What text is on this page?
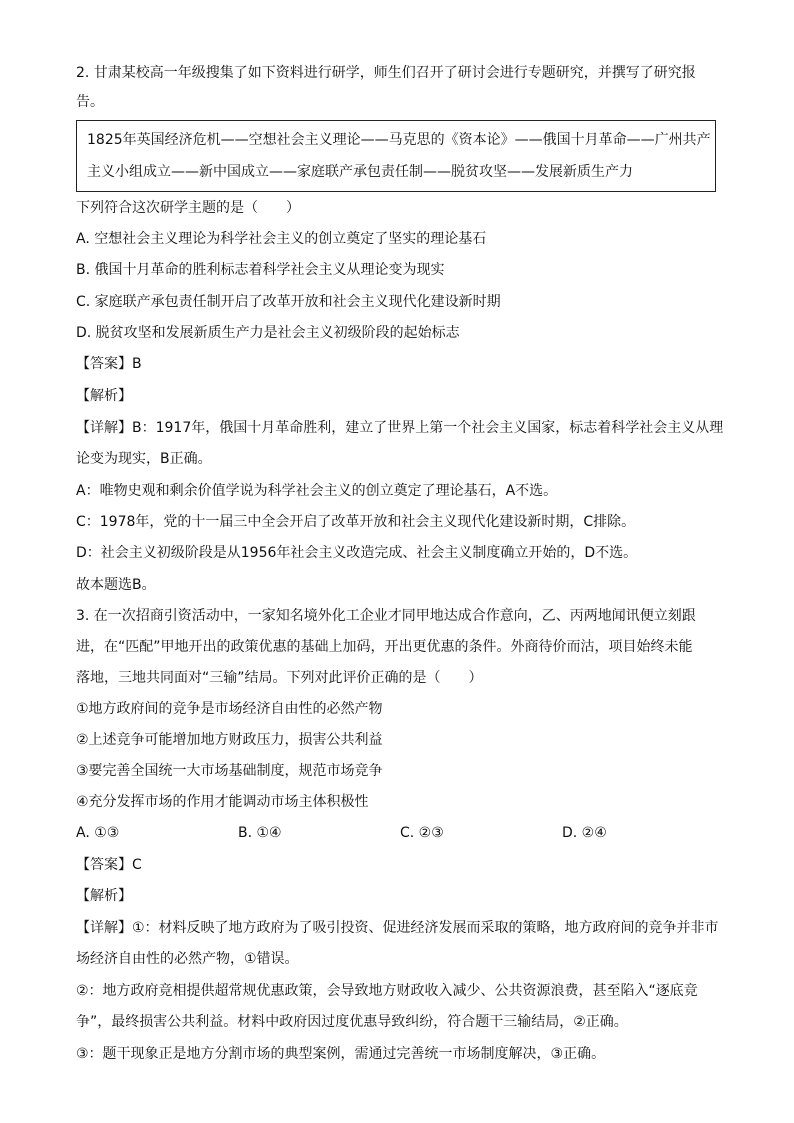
2. 甘肃某校高一年级搜集了如下资料进行研学，师生们召开了研讨会进行专题研究，并撰写了研究报
告。
1825年英国经济危机——空想社会主义理论——马克思的《资本论》——俄国十月革命——广州共产
主义小组成立——新中国成立——家庭联产承包责任制——脱贫攻坚——发展新质生产力
下列符合这次研学主题的是（　　）
A. 空想社会主义理论为科学社会主义的创立奠定了坚实的理论基石
B. 俄国十月革命的胜利标志着科学社会主义从理论变为现实
C. 家庭联产承包责任制开启了改革开放和社会主义现代化建设新时期
D. 脱贫攻坚和发展新质生产力是社会主义初级阶段的起始标志
【答案】B
【解析】
【详解】B：1917年，俄国十月革命胜利，建立了世界上第一个社会主义国家，标志着科学社会主义从理
论变为现实，B正确。
A：唯物史观和剩余价值学说为科学社会主义的创立奠定了理论基石，A不选。
C：1978年，党的十一届三中全会开启了改革开放和社会主义现代化建设新时期，C排除。
D：社会主义初级阶段是从1956年社会主义改造完成、社会主义制度确立开始的，D不选。
故本题选B。
3. 在一次招商引资活动中，一家知名境外化工企业才同甲地达成合作意向，乙、丙两地闻讯便立刻跟
进，在“匹配”甲地开出的政策优惠的基础上加码，开出更优惠的条件。外商待价而沽，项目始终未能
落地，三地共同面对“三输”结局。下列对此评价正确的是（　　）
①地方政府间的竞争是市场经济自由性的必然产物
②上述竞争可能增加地方财政压力，损害公共利益
③要完善全国统一大市场基础制度，规范市场竞争
④充分发挥市场的作用才能调动市场主体积极性
A. ①③	B. ①④	C. ②③	D. ②④
【答案】C
【解析】
【详解】①：材料反映了地方政府为了吸引投资、促进经济发展而采取的策略，地方政府间的竞争并非市
场经济自由性的必然产物，①错误。
②：地方政府竞相提供超常规优惠政策，会导致地方财政收入减少、公共资源浪费，甚至陷入“逐底竞
争”，最终损害公共利益。材料中政府因过度优惠导致纠纷，符合题干三输结局，②正确。
③：题干现象正是地方分割市场的典型案例，需通过完善统一市场制度解决，③正确。
